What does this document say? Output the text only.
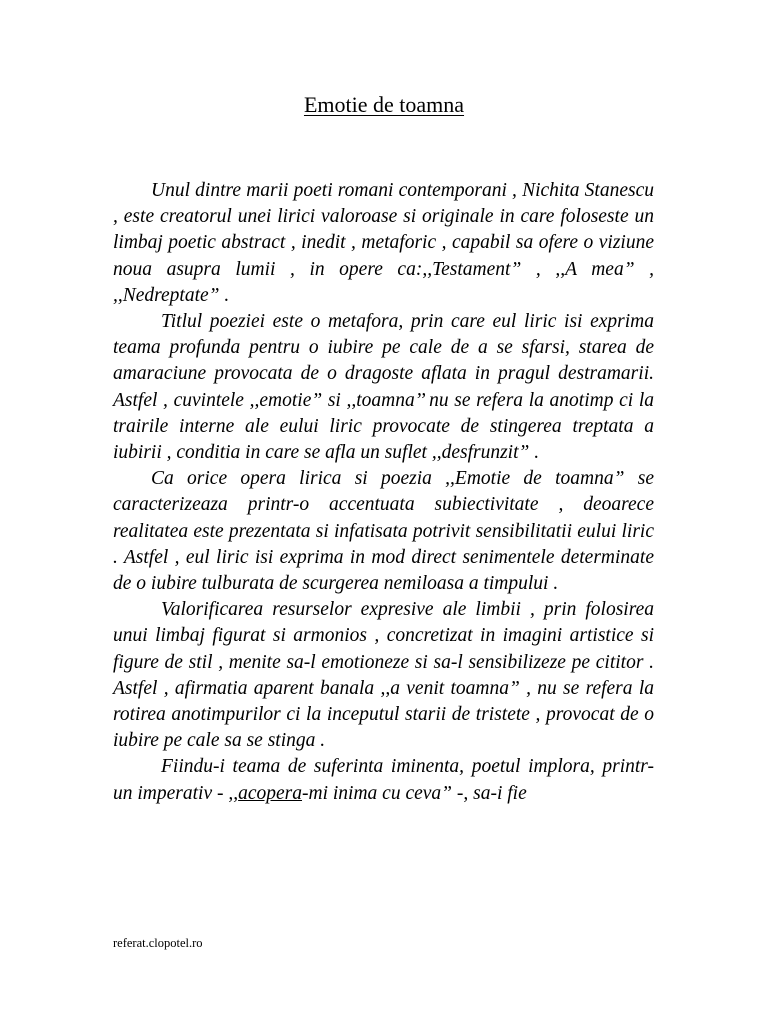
Emotie de toamna

Unul dintre marii poeti romani contemporani , Nichita Stanescu , este creatorul unei lirici valoroase si originale in care foloseste un limbaj poetic abstract , inedit , metaforic , capabil sa ofere o viziune noua asupra lumii , in opere ca:,,Testament” , ,,A mea” , ,,Nedreptate” .

Titlul poeziei este o metafora, prin care eul liric isi exprima teama profunda pentru o iubire pe cale de a se sfarsi, starea de amaraciune provocata de o dragoste aflata in pragul destramarii. Astfel , cuvintele ,,emotie” si ,,toamna’’ nu se refera la anotimp ci la trairile interne ale eului liric provocate de stingerea treptata a iubirii , conditia in care se afla un suflet ,,desfrunzit” .

Ca orice opera lirica si poezia ,,Emotie de toamna” se caracterizeaza printr-o accentuata subiectivitate , deoarece realitatea este prezentata si infatisata potrivit sensibilitatii eului liric . Astfel , eul liric isi exprima in mod direct senimentele determinate de o iubire tulburata de scurgerea nemiloasa a timpului .

Valorificarea resurselor expresive ale limbii , prin folosirea unui limbaj figurat si armonios , concretizat in imagini artistice si figure de stil , menite sa-l emotioneze si sa-l sensibilizeze pe cititor . Astfel , afirmatia aparent banala ,,a venit toamna” , nu se refera la rotirea anotimpurilor ci la inceputul starii de tristete , provocat de o iubire pe cale sa se stinga .

Fiindu-i teama de suferinta iminenta, poetul implora, printr-un imperativ - ,,acopera-mi inima cu ceva” -, sa-i fie

referat.clopotel.ro
